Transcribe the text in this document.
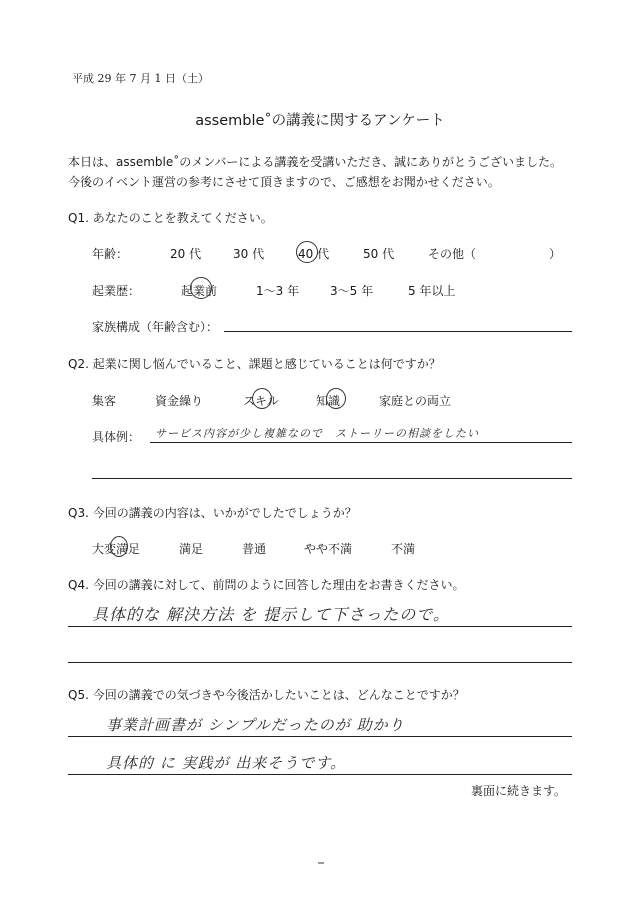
平成 29 年 7 月 1 日（土）
assemble˚の講義に関するアンケート
本日は、assemble˚のメンバーによる講義を受講いただき、誠にありがとうございました。
今後のイベント運営の参考にさせて頂きますので、ご感想をお聞かせください。
Q1. あなたのことを教えてください。
年齢：	20 代	30 代	40 代	50 代	その他（	）
起業歴：	起業前	1〜3 年	3〜5 年	5 年以上
家族構成（年齢含む）：
Q2. 起業に関し悩んでいること、課題と感じていることは何ですか？
集客	資金繰り	スキル	知識	家庭との両立
具体例： サービス内容が少し複雑なので　ストーリーの相談をしたい
Q3. 今回の講義の内容は、いかがでしたでしょうか？
大変満足	満足	普通	やや不満	不満
Q4. 今回の講義に対して、前問のように回答した理由をお書きください。
具体的な 解決方法 を 提示して下さったので。
Q5. 今回の講義での気づきや今後活かしたいことは、どんなことですか？
事業計画書が シンプルだったのが 助かり
具体的 に 実践が 出来そうです。
裏面に続きます。
